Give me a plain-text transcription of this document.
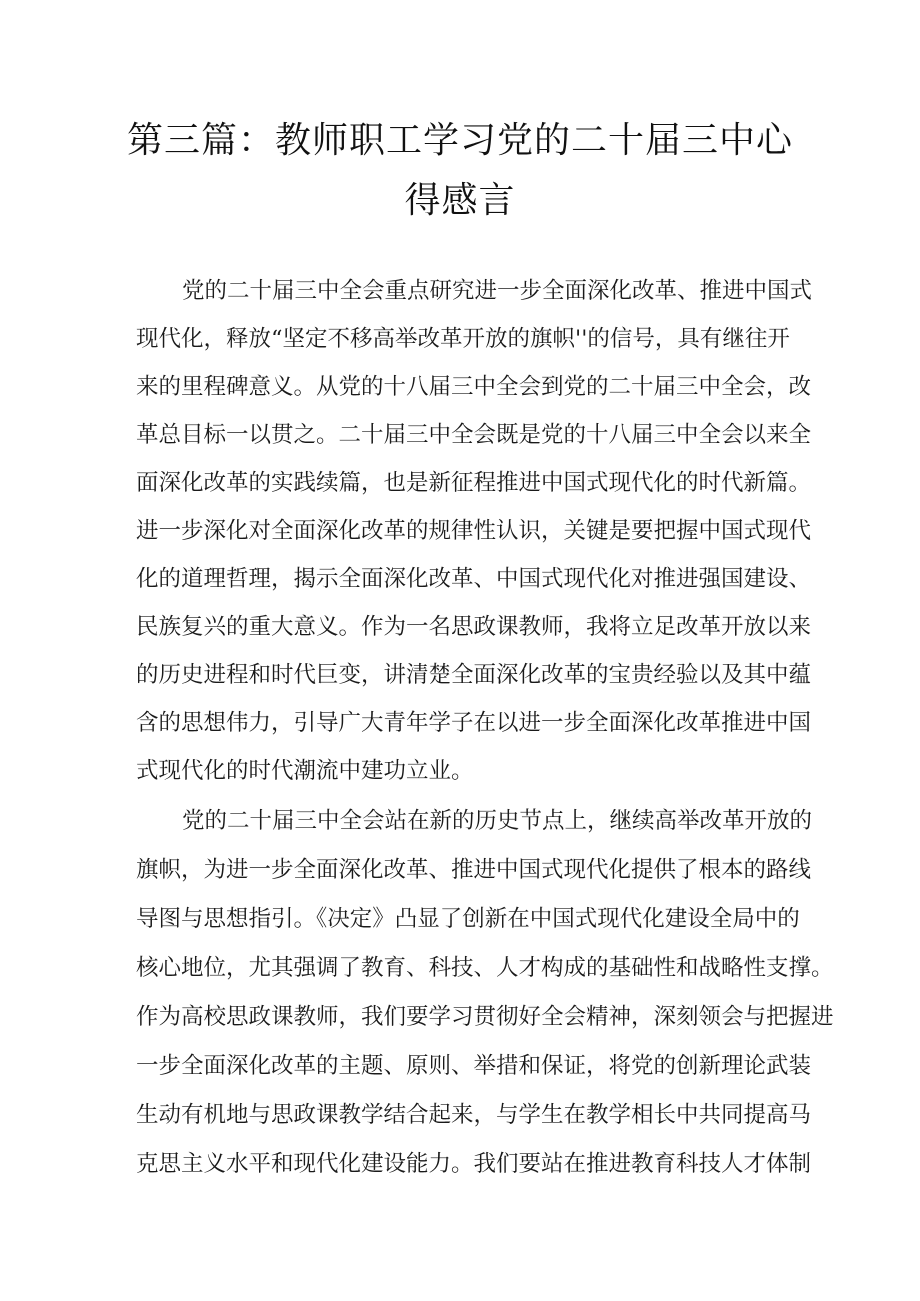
第三篇：教师职工学习党的二十届三中心
得感言
党的二十届三中全会重点研究进一步全面深化改革、推进中国式
现代化，释放“坚定不移高举改革开放的旗帜''的信号，具有继往开
来的里程碑意义。从党的十八届三中全会到党的二十届三中全会，改
革总目标一以贯之。二十届三中全会既是党的十八届三中全会以来全
面深化改革的实践续篇，也是新征程推进中国式现代化的时代新篇。
进一步深化对全面深化改革的规律性认识，关键是要把握中国式现代
化的道理哲理，揭示全面深化改革、中国式现代化对推进强国建设、
民族复兴的重大意义。作为一名思政课教师，我将立足改革开放以来
的历史进程和时代巨变，讲清楚全面深化改革的宝贵经验以及其中蕴
含的思想伟力，引导广大青年学子在以进一步全面深化改革推进中国
式现代化的时代潮流中建功立业。
党的二十届三中全会站在新的历史节点上，继续高举改革开放的
旗帜，为进一步全面深化改革、推进中国式现代化提供了根本的路线
导图与思想指引。《决定》凸显了创新在中国式现代化建设全局中的
核心地位，尤其强调了教育、科技、人才构成的基础性和战略性支撑。
作为高校思政课教师，我们要学习贯彻好全会精神，深刻领会与把握进
一步全面深化改革的主题、原则、举措和保证，将党的创新理论武装
生动有机地与思政课教学结合起来，与学生在教学相长中共同提高马
克思主义水平和现代化建设能力。我们要站在推进教育科技人才体制
